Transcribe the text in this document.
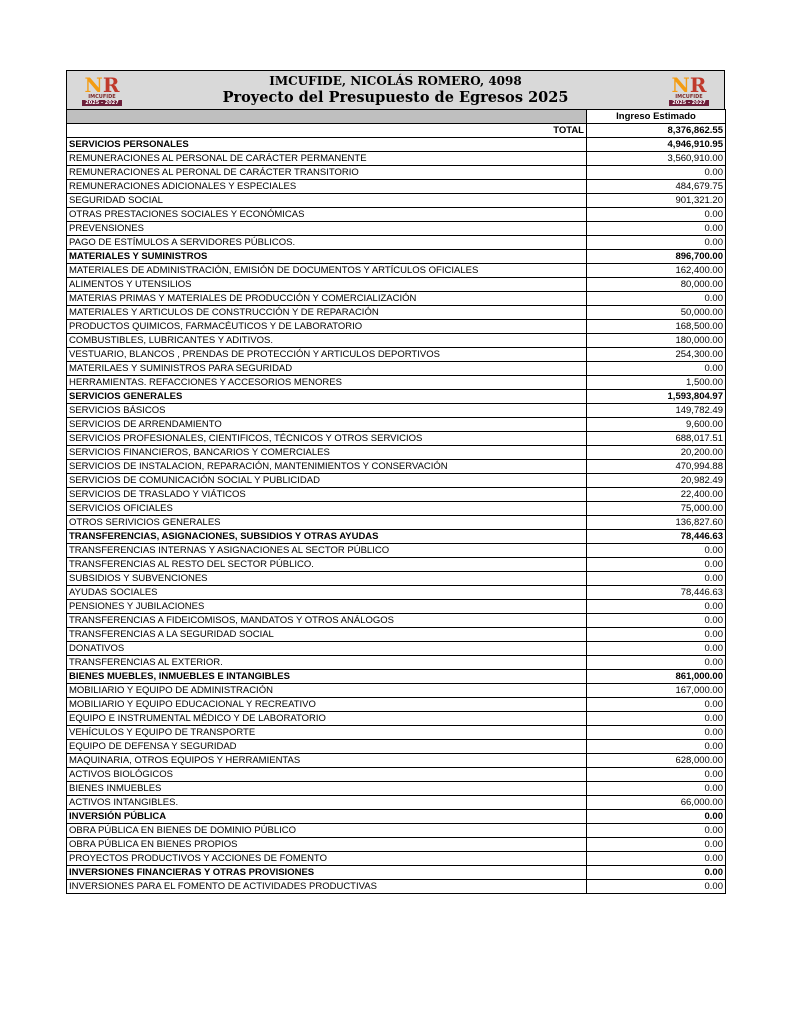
N R
IMCUFIDE
2025 - 2027
IMCUFIDE, NICOLÁS ROMERO, 4098
Proyecto del Presupuesto de Egresos 2025
N R
IMCUFIDE
2025 - 2027
	Ingreso Estimado
TOTAL	8,376,862.55
SERVICIOS PERSONALES	4,946,910.95
REMUNERACIONES AL PERSONAL DE CARÁCTER PERMANENTE	3,560,910.00
REMUNERACIONES AL PERONAL DE CARÁCTER TRANSITORIO	0.00
REMUNERACIONES ADICIONALES Y ESPECIALES	484,679.75
SEGURIDAD SOCIAL	901,321.20
OTRAS PRESTACIONES SOCIALES Y ECONÓMICAS	0.00
PREVENSIONES	0.00
PAGO DE ESTÍMULOS A SERVIDORES PÚBLICOS.	0.00
MATERIALES Y SUMINISTROS	896,700.00
MATERIALES DE ADMINISTRACIÓN, EMISIÓN DE DOCUMENTOS Y ARTÍCULOS OFICIALES	162,400.00
ALIMENTOS Y UTENSILIOS	80,000.00
MATERIAS PRIMAS Y MATERIALES DE PRODUCCIÓN Y COMERCIALIZACIÓN	0.00
MATERIALES Y ARTICULOS DE CONSTRUCCIÓN Y DE REPARACIÓN	50,000.00
PRODUCTOS QUIMICOS, FARMACÉUTICOS Y DE LABORATORIO	168,500.00
COMBUSTIBLES, LUBRICANTES Y ADITIVOS.	180,000.00
VESTUARIO, BLANCOS , PRENDAS DE PROTECCIÓN Y ARTICULOS DEPORTIVOS	254,300.00
MATERILAES Y SUMINISTROS PARA SEGURIDAD	0.00
HERRAMIENTAS. REFACCIONES Y ACCESORIOS MENORES	1,500.00
SERVICIOS GENERALES	1,593,804.97
SERVICIOS BÁSICOS	149,782.49
SERVICIOS DE ARRENDAMIENTO	9,600.00
SERVICIOS PROFESIONALES, CIENTIFICOS, TÉCNICOS Y OTROS SERVICIOS	688,017.51
SERVICIOS FINANCIEROS, BANCARIOS Y COMERCIALES	20,200.00
SERVICIOS DE INSTALACION, REPARACIÓN, MANTENIMIENTOS Y CONSERVACIÓN	470,994.88
SERVICIOS DE COMUNICACIÓN SOCIAL Y PUBLICIDAD	20,982.49
SERVICIOS DE TRASLADO Y VIÁTICOS	22,400.00
SERVICIOS OFICIALES	75,000.00
OTROS SERIVICIOS GENERALES	136,827.60
TRANSFERENCIAS, ASIGNACIONES, SUBSIDIOS Y OTRAS AYUDAS	78,446.63
TRANSFERENCIAS INTERNAS Y ASIGNACIONES AL SECTOR PÚBLICO	0.00
TRANSFERENCIAS AL RESTO DEL SECTOR PÚBLICO.	0.00
SUBSIDIOS Y SUBVENCIONES	0.00
AYUDAS SOCIALES	78,446.63
PENSIONES Y JUBILACIONES	0.00
TRANSFERENCIAS A FIDEICOMISOS, MANDATOS Y OTROS ANÁLOGOS	0.00
TRANSFERENCIAS A LA SEGURIDAD SOCIAL	0.00
DONATIVOS	0.00
TRANSFERENCIAS AL EXTERIOR.	0.00
BIENES MUEBLES, INMUEBLES E INTANGIBLES	861,000.00
MOBILIARIO Y EQUIPO DE ADMINISTRACIÓN	167,000.00
MOBILIARIO Y EQUIPO EDUCACIONAL Y RECREATIVO	0.00
EQUIPO E INSTRUMENTAL MÉDICO Y DE LABORATORIO	0.00
VEHÍCULOS Y EQUIPO DE TRANSPORTE	0.00
EQUIPO DE DEFENSA Y SEGURIDAD	0.00
MAQUINARIA, OTROS EQUIPOS Y HERRAMIENTAS	628,000.00
ACTIVOS BIOLÓGICOS	0.00
BIENES INMUEBLES	0.00
ACTIVOS INTANGIBLES.	66,000.00
INVERSIÓN PÚBLICA	0.00
OBRA PÚBLICA EN BIENES DE DOMINIO PÚBLICO	0.00
OBRA PÚBLICA EN BIENES PROPIOS	0.00
PROYECTOS PRODUCTIVOS Y ACCIONES DE FOMENTO	0.00
INVERSIONES FINANCIERAS Y OTRAS PROVISIONES	0.00
INVERSIONES PARA EL FOMENTO DE ACTIVIDADES PRODUCTIVAS	0.00
